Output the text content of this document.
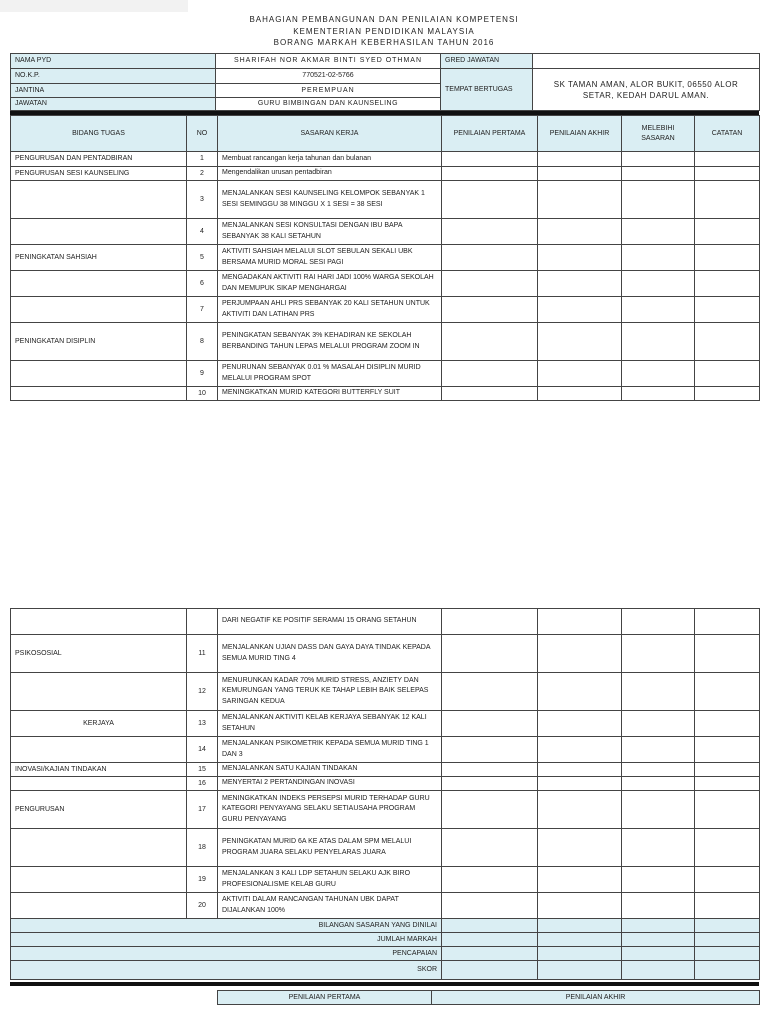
BAHAGIAN PEMBANGUNAN DAN PENILAIAN KOMPETENSI
KEMENTERIAN PENDIDIKAN MALAYSIA
BORANG MARKAH KEBERHASILAN TAHUN 2016
NAMA PYD	SHARIFAH NOR AKMAR BINTI SYED OTHMAN	GRED JAWATAN	
NO.K.P.	770521-02-5766	TEMPAT BERTUGAS	SK TAMAN AMAN, ALOR BUKIT, 06550 ALOR SETAR, KEDAH DARUL AMAN.
JANTINA	PEREMPUAN		
JAWATAN	GURU BIMBINGAN DAN KAUNSELING		
BIDANG TUGAS	NO	SASARAN KERJA	PENILAIAN PERTAMA	PENILAIAN AKHIR	MELEBIHI SASARAN	CATATAN
PENGURUSAN DAN PENTADBIRAN	1	Membuat rancangan kerja tahunan dan bulanan				
PENGURUSAN SESI KAUNSELING	2	Mengendalikan urusan pentadbiran				
	3	MENJALANKAN SESI KAUNSELING KELOMPOK SEBANYAK 1 SESI SEMINGGU 38 MINGGU X 1 SESI = 38 SESI				
	4	MENJALANKAN SESI KONSULTASI DENGAN IBU BAPA SEBANYAK 38 KALI SETAHUN				
PENINGKATAN SAHSIAH	5	AKTIVITI SAHSIAH MELALUI SLOT SEBULAN SEKALI UBK BERSAMA MURID MORAL SESI PAGI				
	6	MENGADAKAN AKTIVITI RAI HARI JADI 100% WARGA SEKOLAH DAN MEMUPUK SIKAP MENGHARGAI				
	7	PERJUMPAAN AHLI PRS SEBANYAK 20 KALI SETAHUN UNTUK AKTIVITI DAN LATIHAN PRS				
PENINGKATAN DISIPLIN	8	PENINGKATAN SEBANYAK 3% KEHADIRAN KE SEKOLAH BERBANDING TAHUN LEPAS MELALUI PROGRAM ZOOM IN				
	9	PENURUNAN SEBANYAK 0.01 % MASALAH DISIPLIN MURID MELALUI PROGRAM SPOT				
	10	MENINGKATKAN MURID KATEGORI BUTTERFLY SUIT				
		DARI NEGATIF KE POSITIF SERAMAI 15 ORANG SETAHUN				
PSIKOSOSIAL	11	MENJALANKAN UJIAN DASS DAN GAYA DAYA TINDAK KEPADA SEMUA MURID TING 4				
	12	MENURUNKAN KADAR 70% MURID STRESS, ANZIETY DAN KEMURUNGAN YANG TERUK KE TAHAP LEBIH BAIK SELEPAS SARINGAN KEDUA				
KERJAYA	13	MENJALANKAN AKTIVITI KELAB KERJAYA SEBANYAK 12 KALI SETAHUN				
	14	MENJALANKAN PSIKOMETRIK KEPADA SEMUA MURID TING 1 DAN 3				
INOVASI/KAJIAN TINDAKAN	15	MENJALANKAN SATU KAJIAN TINDAKAN				
	16	MENYERTAI 2 PERTANDINGAN INOVASI				
PENGURUSAN	17	MENINGKATKAN INDEKS PERSEPSI MURID TERHADAP GURU KATEGORI PENYAYANG SELAKU SETIAUSAHA PROGRAM GURU PENYAYANG				
	18	PENINGKATAN MURID 6A KE ATAS DALAM SPM MELALUI PROGRAM JUARA SELAKU PENYELARAS JUARA				
	19	MENJALANKAN 3 KALI LDP SETAHUN SELAKU AJK BIRO PROFESIONALISME KELAB GURU				
	20	AKTIVITI DALAM RANCANGAN TAHUNAN UBK DAPAT DIJALANKAN 100%				
BILANGAN SASARAN YANG DINILAI						
JUMLAH MARKAH						
PENCAPAIAN						
SKOR						
PENILAIAN PERTAMA	PENILAIAN AKHIR
